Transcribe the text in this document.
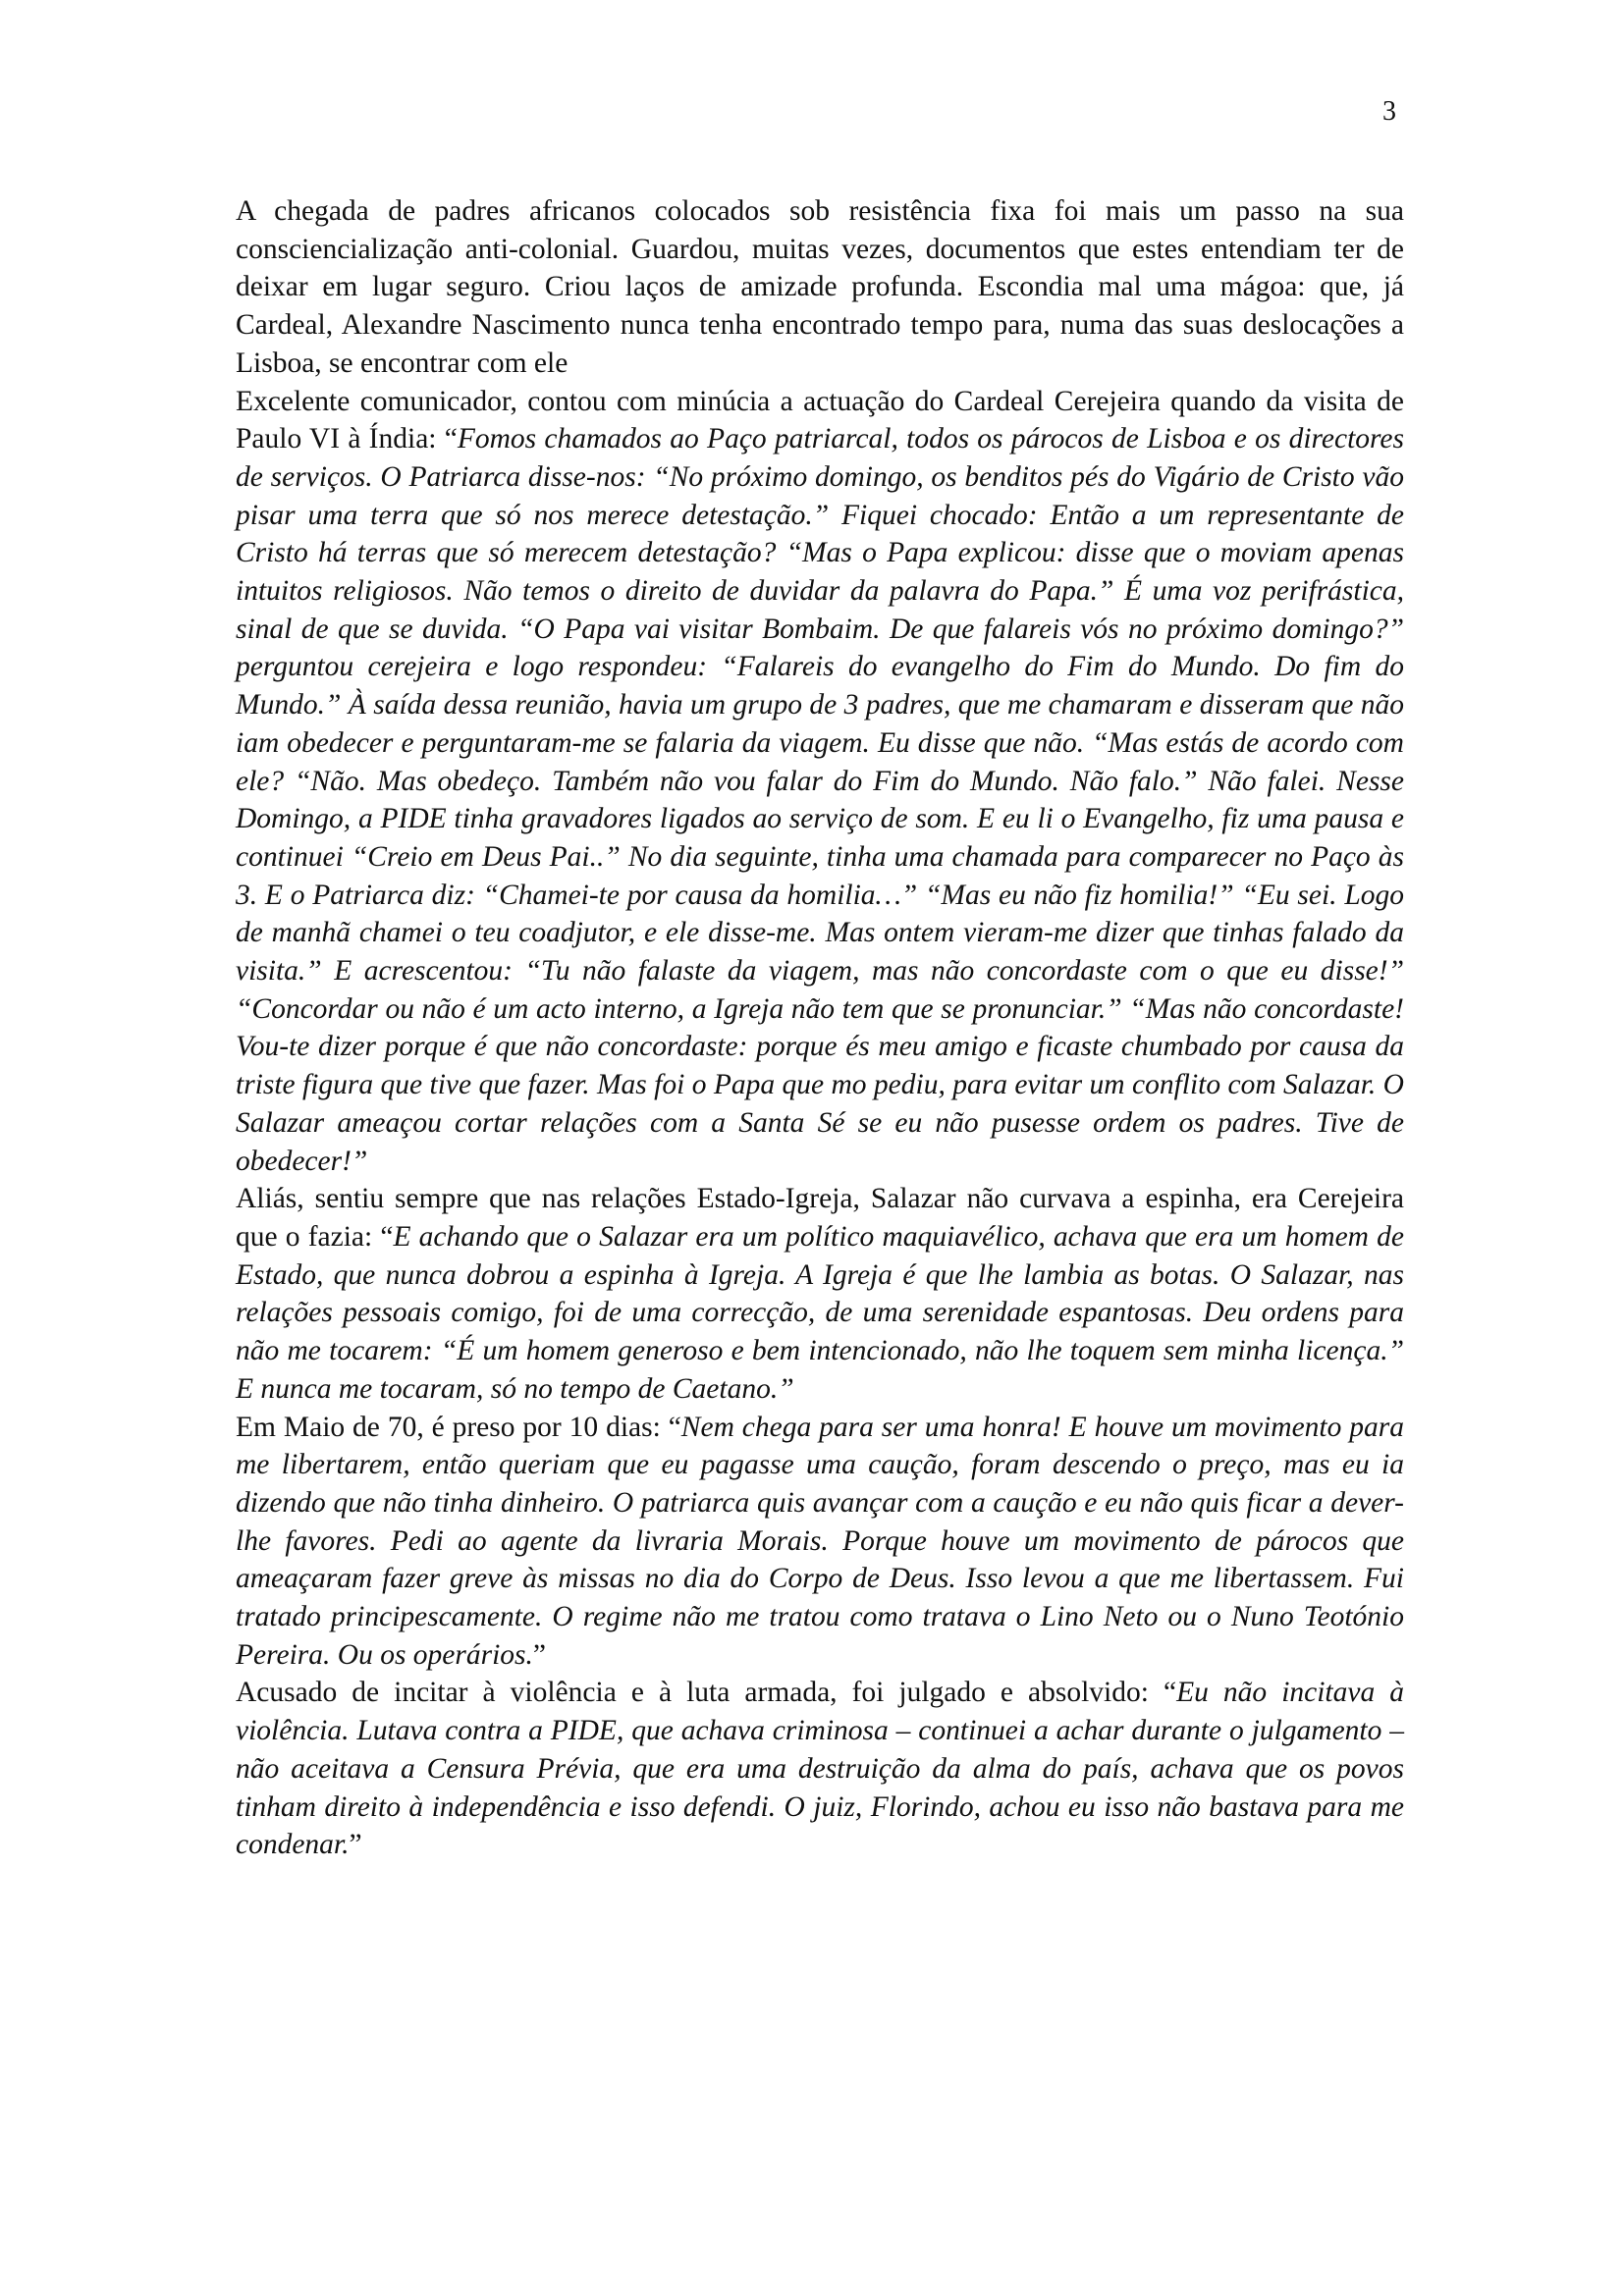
3

A chegada de padres africanos colocados sob resistência fixa foi mais um passo na sua consciencialização anti-colonial. Guardou, muitas vezes, documentos que estes entendiam ter de deixar em lugar seguro. Criou laços de amizade profunda. Escondia mal uma mágoa: que, já Cardeal, Alexandre Nascimento nunca tenha encontrado tempo para, numa das suas deslocações a Lisboa, se encontrar com ele

Excelente comunicador, contou com minúcia a actuação do Cardeal Cerejeira quando da visita de Paulo VI à Índia: “Fomos chamados ao Paço patriarcal, todos os párocos de Lisboa e os directores de serviços. O Patriarca disse-nos: “No próximo domingo, os benditos pés do Vigário de Cristo vão pisar uma terra que só nos merece detestação.” Fiquei chocado: Então a um representante de Cristo há terras que só merecem detestação? “Mas o Papa explicou: disse que o moviam apenas intuitos religiosos. Não temos o direito de duvidar da palavra do Papa.” É uma voz perifrástica, sinal de que se duvida. “O Papa vai visitar Bombaim. De que falareis vós no próximo domingo?” perguntou cerejeira e logo respondeu: “Falareis do evangelho do Fim do Mundo. Do fim do Mundo.” À saída dessa reunião, havia um grupo de 3 padres, que me chamaram e disseram que não iam obedecer e perguntaram-me se falaria da viagem. Eu disse que não. “Mas estás de acordo com ele? “Não. Mas obedeço. Também não vou falar do Fim do Mundo. Não falo.” Não falei. Nesse Domingo, a PIDE tinha gravadores ligados ao serviço de som. E eu li o Evangelho, fiz uma pausa e continuei “Creio em Deus Pai..” No dia seguinte, tinha uma chamada para comparecer no Paço às 3. E o Patriarca diz: “Chamei-te por causa da homilia…” “Mas eu não fiz homilia!” “Eu sei. Logo de manhã chamei o teu coadjutor, e ele disse-me. Mas ontem vieram-me dizer que tinhas falado da visita.” E acrescentou: “Tu não falaste da viagem, mas não concordaste com o que eu disse!” “Concordar ou não é um acto interno, a Igreja não tem que se pronunciar.” “Mas não concordaste! Vou-te dizer porque é que não concordaste: porque és meu amigo e ficaste chumbado por causa da triste figura que tive que fazer. Mas foi o Papa que mo pediu, para evitar um conflito com Salazar. O Salazar ameaçou cortar relações com a Santa Sé se eu não pusesse ordem os padres. Tive de obedecer!”

Aliás, sentiu sempre que nas relações Estado-Igreja, Salazar não curvava a espinha, era Cerejeira que o fazia: “E achando que o Salazar era um político maquiavélico, achava que era um homem de Estado, que nunca dobrou a espinha à Igreja. A Igreja é que lhe lambia as botas. O Salazar, nas relações pessoais comigo, foi de uma correcção, de uma serenidade espantosas. Deu ordens para não me tocarem: “É um homem generoso e bem intencionado, não lhe toquem sem minha licença.” E nunca me tocaram, só no tempo de Caetano.”

Em Maio de 70, é preso por 10 dias: “Nem chega para ser uma honra! E houve um movimento para me libertarem, então queriam que eu pagasse uma caução, foram descendo o preço, mas eu ia dizendo que não tinha dinheiro. O patriarca quis avançar com a caução e eu não quis ficar a dever-lhe favores. Pedi ao agente da livraria Morais. Porque houve um movimento de párocos que ameaçaram fazer greve às missas no dia do Corpo de Deus. Isso levou a que me libertassem. Fui tratado principescamente. O regime não me tratou como tratava o Lino Neto ou o Nuno Teotónio Pereira. Ou os operários.”

Acusado de incitar à violência e à luta armada, foi julgado e absolvido: “Eu não incitava à violência. Lutava contra a PIDE, que achava criminosa – continuei a achar durante o julgamento – não aceitava a Censura Prévia, que era uma destruição da alma do país, achava que os povos tinham direito à independência e isso defendi. O juiz, Florindo, achou eu isso não bastava para me condenar.”
